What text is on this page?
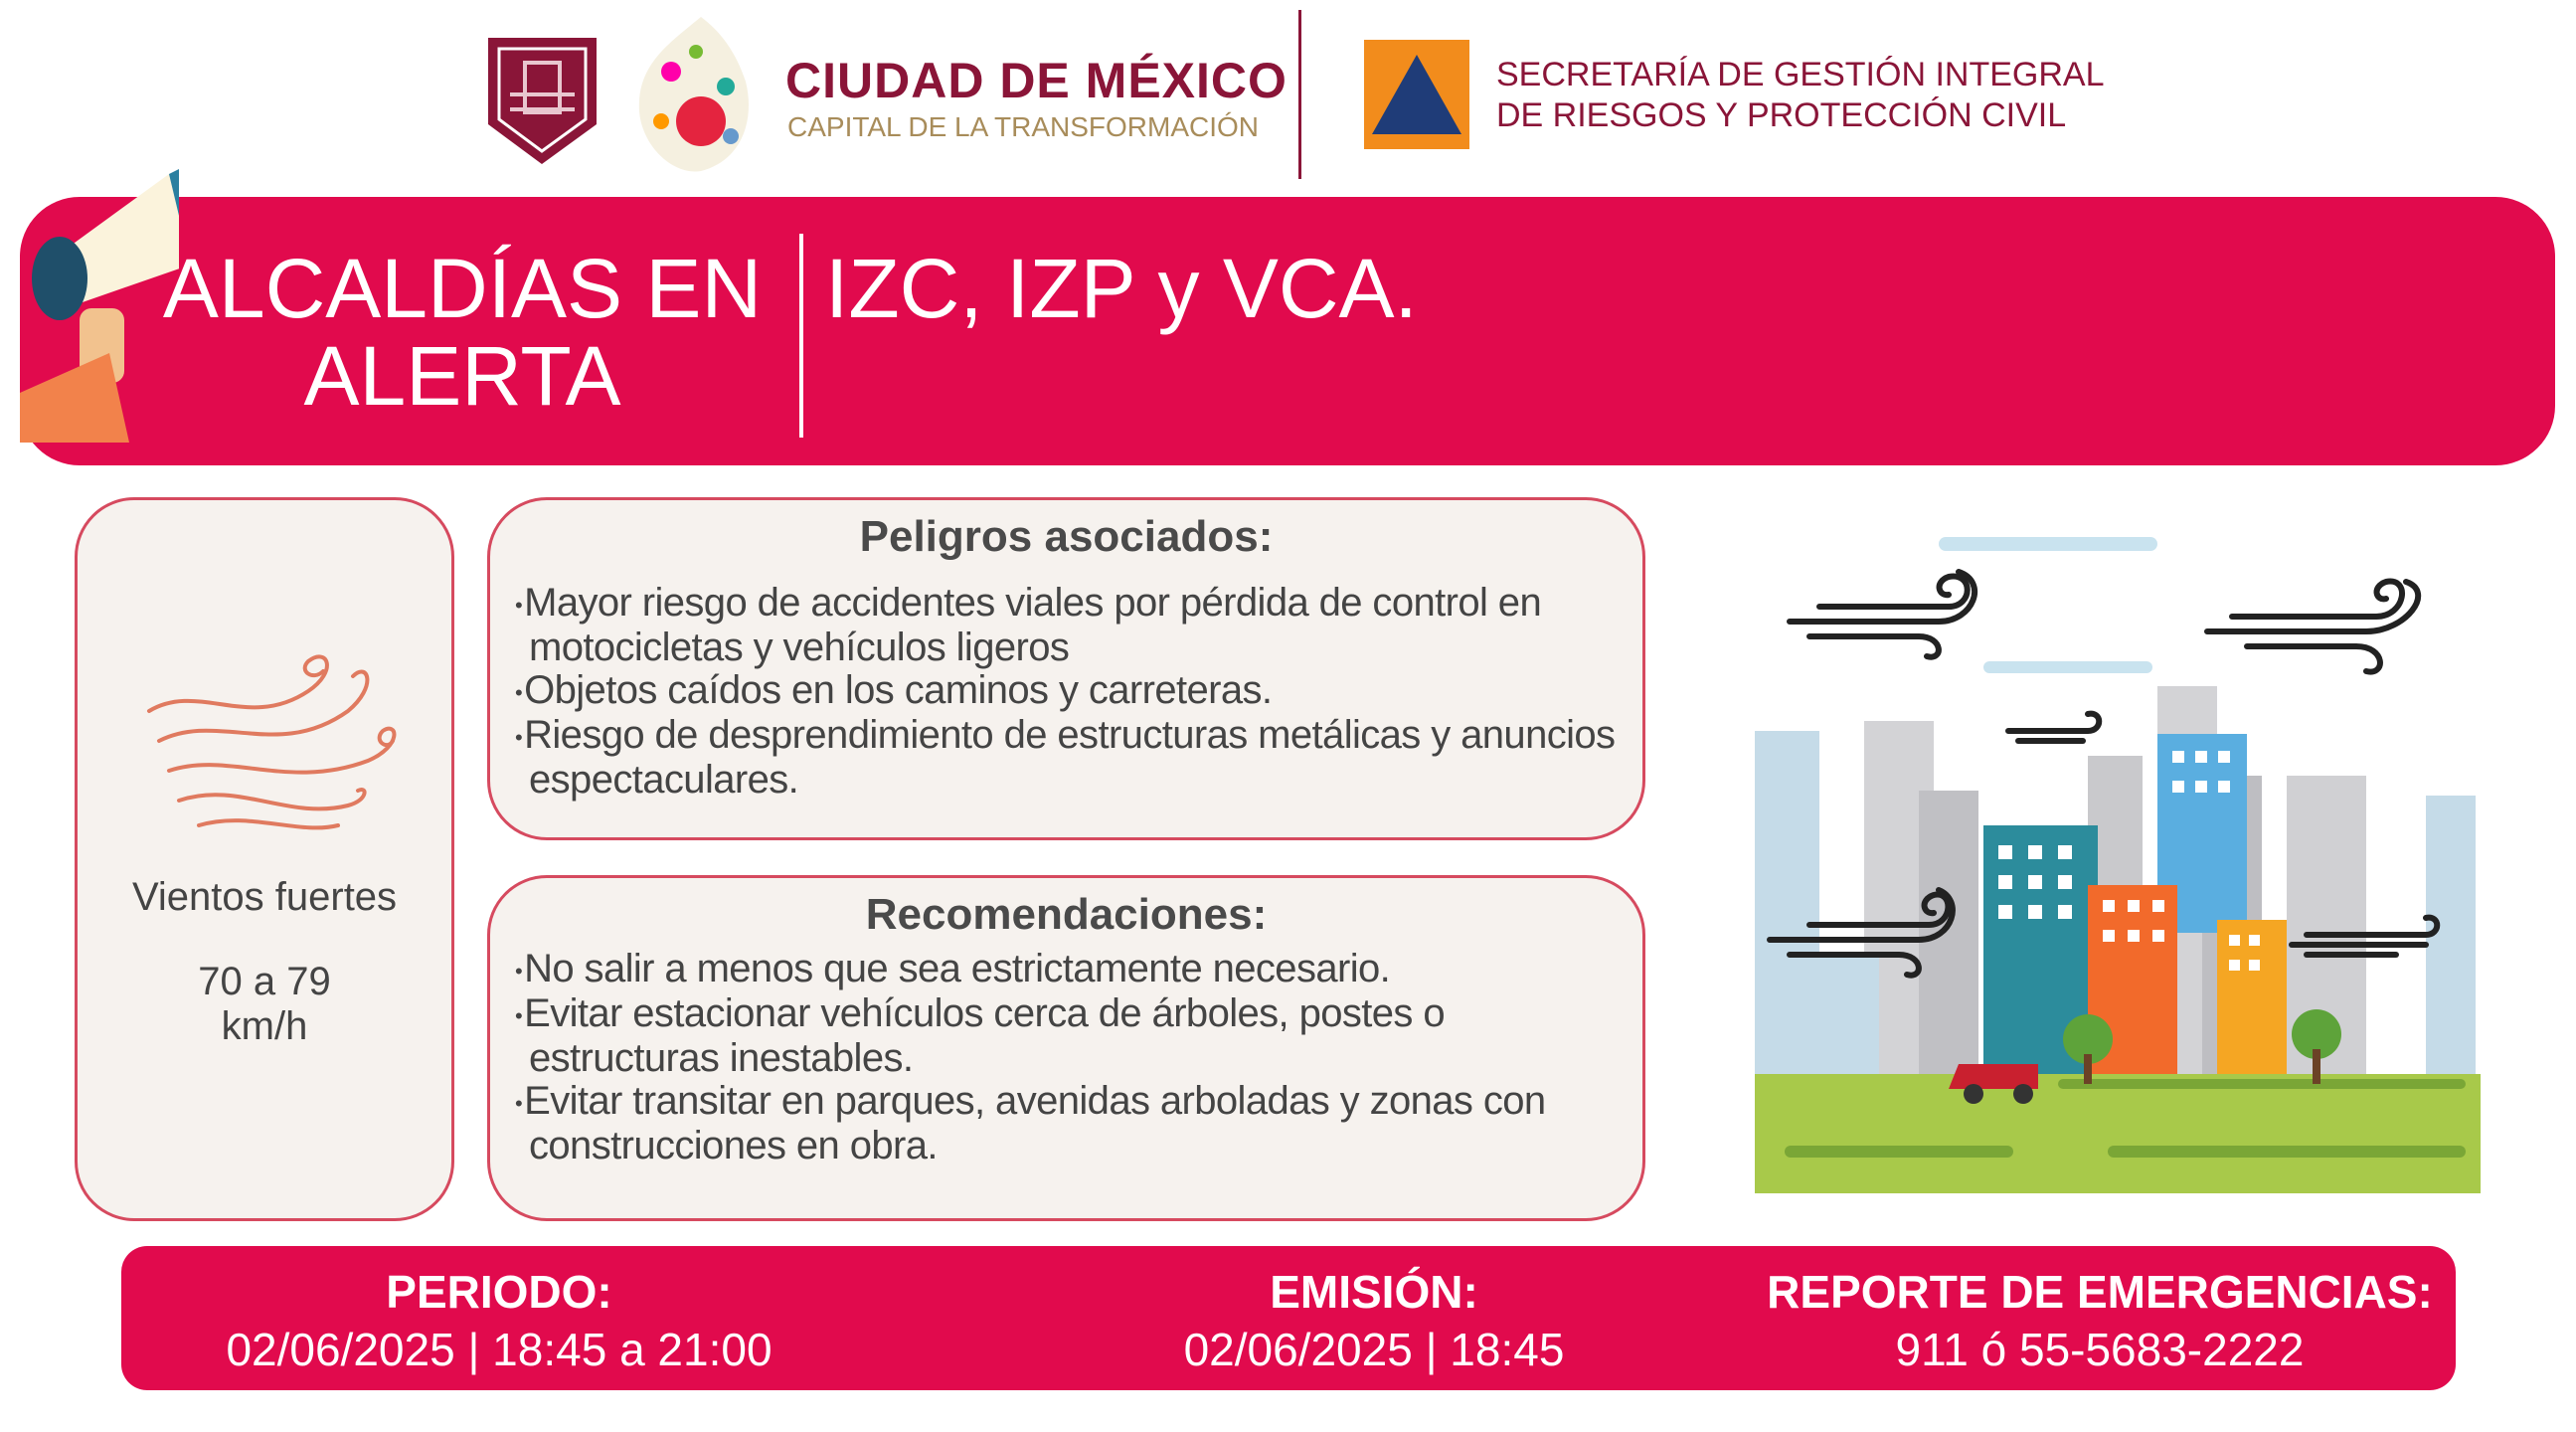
CIUDAD DE MÉXICO
CAPITAL DE LA TRANSFORMACIÓN
SECRETARÍA DE GESTIÓN INTEGRAL
DE RIESGOS Y PROTECCIÓN CIVIL
ALCALDÍAS EN
ALERTA
IZC, IZP y VCA.
Vientos fuertes
70 a 79
km/h
Peligros asociados:
• Mayor riesgo de accidentes viales por pérdida de control en motocicletas y vehículos ligeros
• Objetos caídos en los caminos y carreteras.
• Riesgo de desprendimiento de estructuras metálicas y anuncios espectaculares.
Recomendaciones:
• No salir a menos que sea estrictamente necesario.
• Evitar estacionar vehículos cerca de árboles, postes o estructuras inestables.
• Evitar transitar en parques, avenidas arboladas y zonas con construcciones en obra.
PERIODO:
02/06/2025 | 18:45 a 21:00
EMISIÓN:
02/06/2025 | 18:45
REPORTE DE EMERGENCIAS:
911 ó 55-5683-2222
